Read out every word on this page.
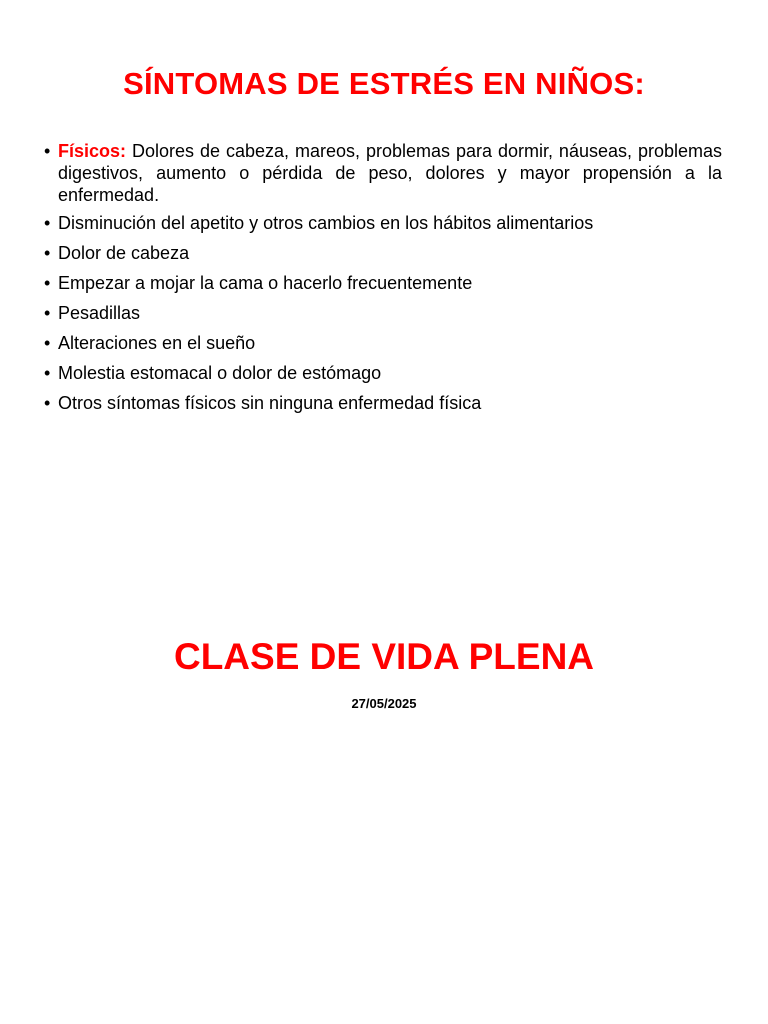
SÍNTOMAS DE ESTRÉS EN NIÑOS:
• Físicos: Dolores de cabeza, mareos, problemas para dormir, náuseas, problemas digestivos, aumento o pérdida de peso, dolores y mayor propensión a la enfermedad.
• Disminución del apetito y otros cambios en los hábitos alimentarios
• Dolor de cabeza
• Empezar a mojar la cama o hacerlo frecuentemente
• Pesadillas
• Alteraciones en el sueño
• Molestia estomacal o dolor de estómago
• Otros síntomas físicos sin ninguna enfermedad física
CLASE DE VIDA PLENA

27/05/2025
